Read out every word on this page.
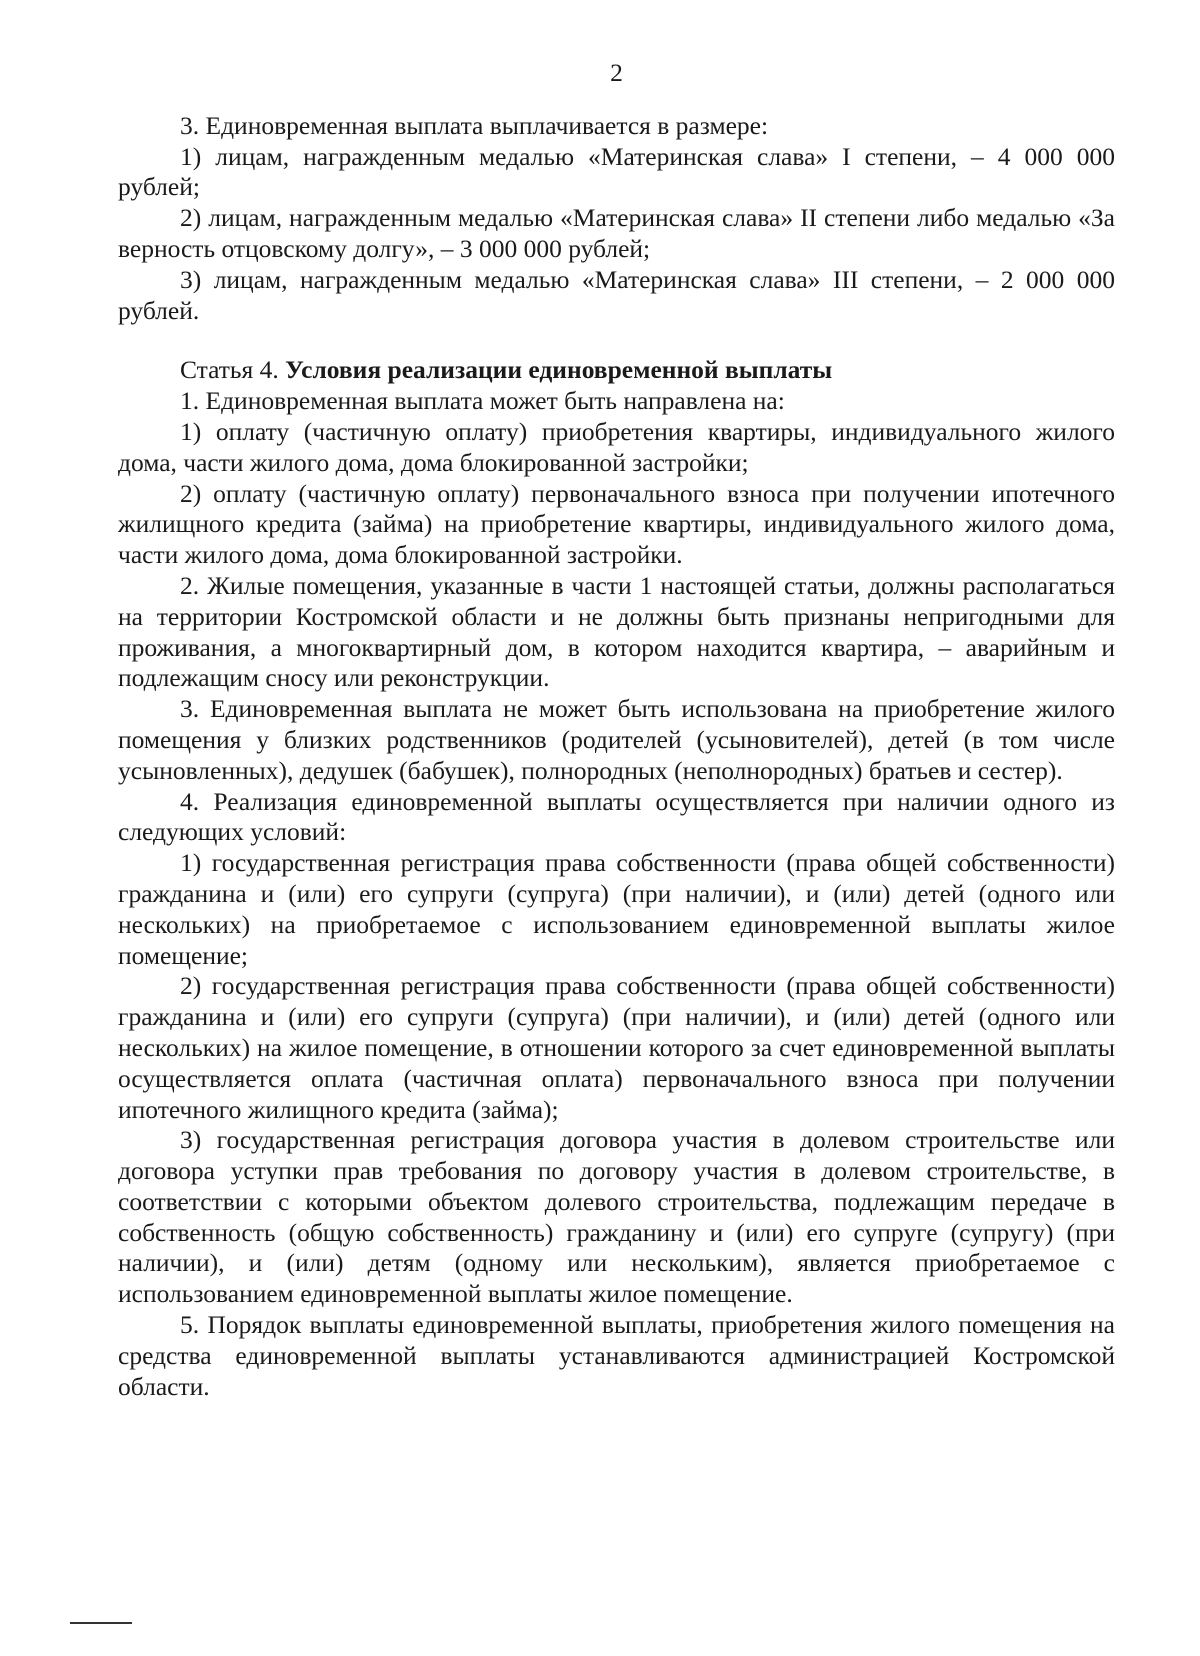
2

3. Единовременная выплата выплачивается в размере:

1) лицам, награжденным медалью «Материнская слава» I степени, – 4 000 000 рублей;

2) лицам, награжденным медалью «Материнская слава» II степени либо медалью «За верность отцовскому долгу», – 3 000 000 рублей;

3) лицам, награжденным медалью «Материнская слава» III степени, – 2 000 000 рублей.

Статья 4. Условия реализации единовременной выплаты

1. Единовременная выплата может быть направлена на:

1) оплату (частичную оплату) приобретения квартиры, индивидуального жилого дома, части жилого дома, дома блокированной застройки;

2) оплату (частичную оплату) первоначального взноса при получении ипотечного жилищного кредита (займа) на приобретение квартиры, индивидуального жилого дома, части жилого дома, дома блокированной застройки.

2. Жилые помещения, указанные в части 1 настоящей статьи, должны располагаться на территории Костромской области и не должны быть признаны непригодными для проживания, а многоквартирный дом, в котором находится квартира, – аварийным и подлежащим сносу или реконструкции.

3. Единовременная выплата не может быть использована на приобретение жилого помещения у близких родственников (родителей (усыновителей), детей (в том числе усыновленных), дедушек (бабушек), полнородных (неполнородных) братьев и сестер).

4. Реализация единовременной выплаты осуществляется при наличии одного из следующих условий:

1) государственная регистрация права собственности (права общей собственности) гражданина и (или) его супруги (супруга) (при наличии), и (или) детей (одного или нескольких) на приобретаемое с использованием единовременной выплаты жилое помещение;

2) государственная регистрация права собственности (права общей собственности) гражданина и (или) его супруги (супруга) (при наличии), и (или) детей (одного или нескольких) на жилое помещение, в отношении которого за счет единовременной выплаты осуществляется оплата (частичная оплата) первоначального взноса при получении ипотечного жилищного кредита (займа);

3) государственная регистрация договора участия в долевом строительстве или договора уступки прав требования по договору участия в долевом строительстве, в соответствии с которыми объектом долевого строительства, подлежащим передаче в собственность (общую собственность) гражданину и (или) его супруге (супругу) (при наличии), и (или) детям (одному или нескольким), является приобретаемое с использованием единовременной выплаты жилое помещение.

5. Порядок выплаты единовременной выплаты, приобретения жилого помещения на средства единовременной выплаты устанавливаются администрацией Костромской области.
